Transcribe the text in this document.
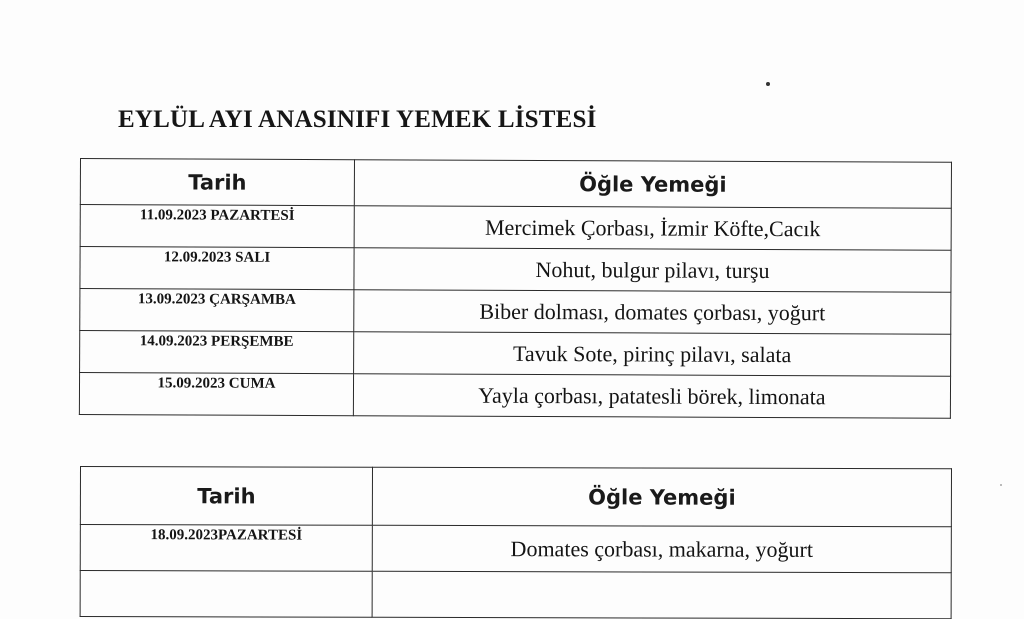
EYLÜL AYI ANASINIFI YEMEK LİSTESİ
Tarih	Öğle Yemeği
11.09.2023 PAZARTESİ	Mercimek Çorbası, İzmir Köfte,Cacık
12.09.2023 SALI	Nohut, bulgur pilavı, turşu
13.09.2023 ÇARŞAMBA	Biber dolması, domates çorbası, yoğurt
14.09.2023 PERŞEMBE	Tavuk Sote, pirinç pilavı, salata
15.09.2023 CUMA	Yayla çorbası, patatesli börek, limonata
Tarih	Öğle Yemeği
18.09.2023PAZARTESİ	Domates çorbası, makarna, yoğurt
